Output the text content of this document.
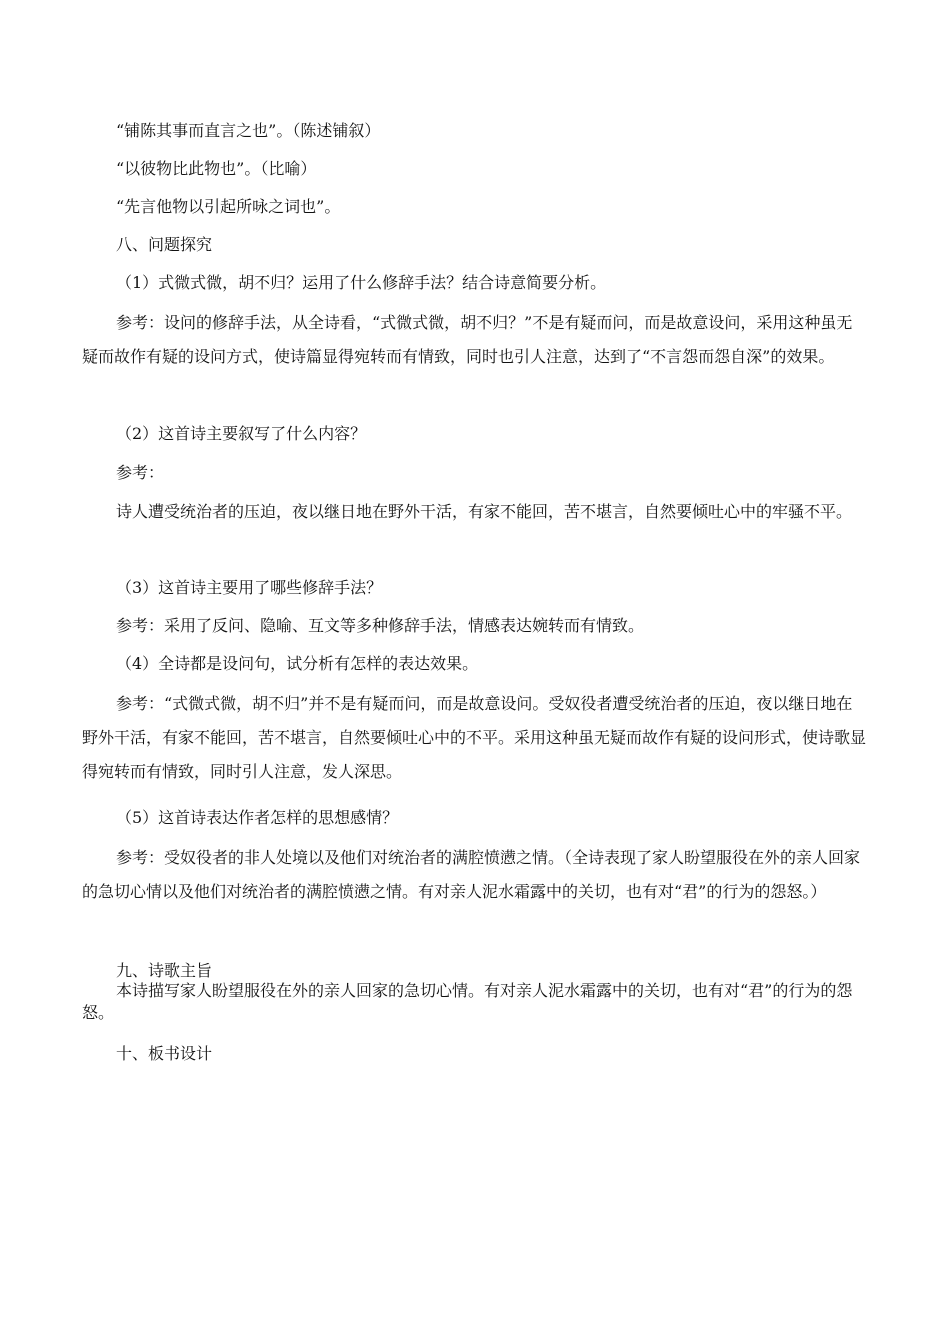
“铺陈其事而直言之也”。（陈述铺叙）
“以彼物比此物也”。（比喻）
“先言他物以引起所咏之词也”。
八、问题探究
（1）式微式微，胡不归？运用了什么修辞手法？结合诗意简要分析。
参考：设问的修辞手法，从全诗看，“式微式微，胡不归？”不是有疑而问，而是故意设问，采用这种虽无疑而故作有疑的设问方式，使诗篇显得宛转而有情致，同时也引人注意，达到了“不言怨而怨自深”的效果。
（2）这首诗主要叙写了什么内容？
参考：
诗人遭受统治者的压迫，夜以继日地在野外干活，有家不能回，苦不堪言，自然要倾吐心中的牢骚不平。
（3）这首诗主要用了哪些修辞手法？
参考：采用了反问、隐喻、互文等多种修辞手法，情感表达婉转而有情致。
（4）全诗都是设问句，试分析有怎样的表达效果。
参考：“式微式微，胡不归”并不是有疑而问，而是故意设问。受奴役者遭受统治者的压迫，夜以继日地在野外干活，有家不能回，苦不堪言，自然要倾吐心中的不平。采用这种虽无疑而故作有疑的设问形式，使诗歌显得宛转而有情致，同时引人注意，发人深思。
（5）这首诗表达作者怎样的思想感情？
参考：受奴役者的非人处境以及他们对统治者的满腔愤懑之情。（全诗表现了家人盼望服役在外的亲人回家的急切心情以及他们对统治者的满腔愤懑之情。有对亲人泥水霜露中的关切，也有对“君”的行为的怨怒。）
九、诗歌主旨
本诗描写家人盼望服役在外的亲人回家的急切心情。有对亲人泥水霜露中的关切，也有对“君”的行为的怨怒。
十、板书设计
